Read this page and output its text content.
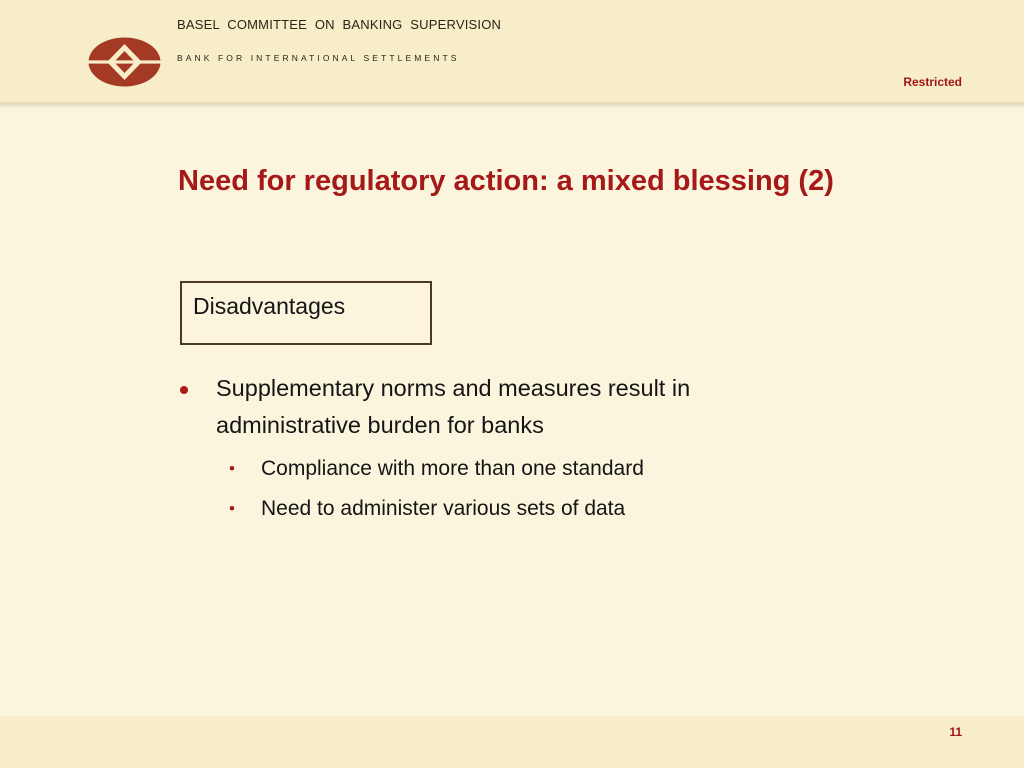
BASEL COMMITTEE ON BANKING SUPERVISION
BANK FOR INTERNATIONAL SETTLEMENTS
Restricted
Need for regulatory action: a mixed blessing (2)
Disadvantages
Supplementary norms and measures result in administrative burden for banks
• Compliance with more than one standard
• Need to administer various sets of data
11
